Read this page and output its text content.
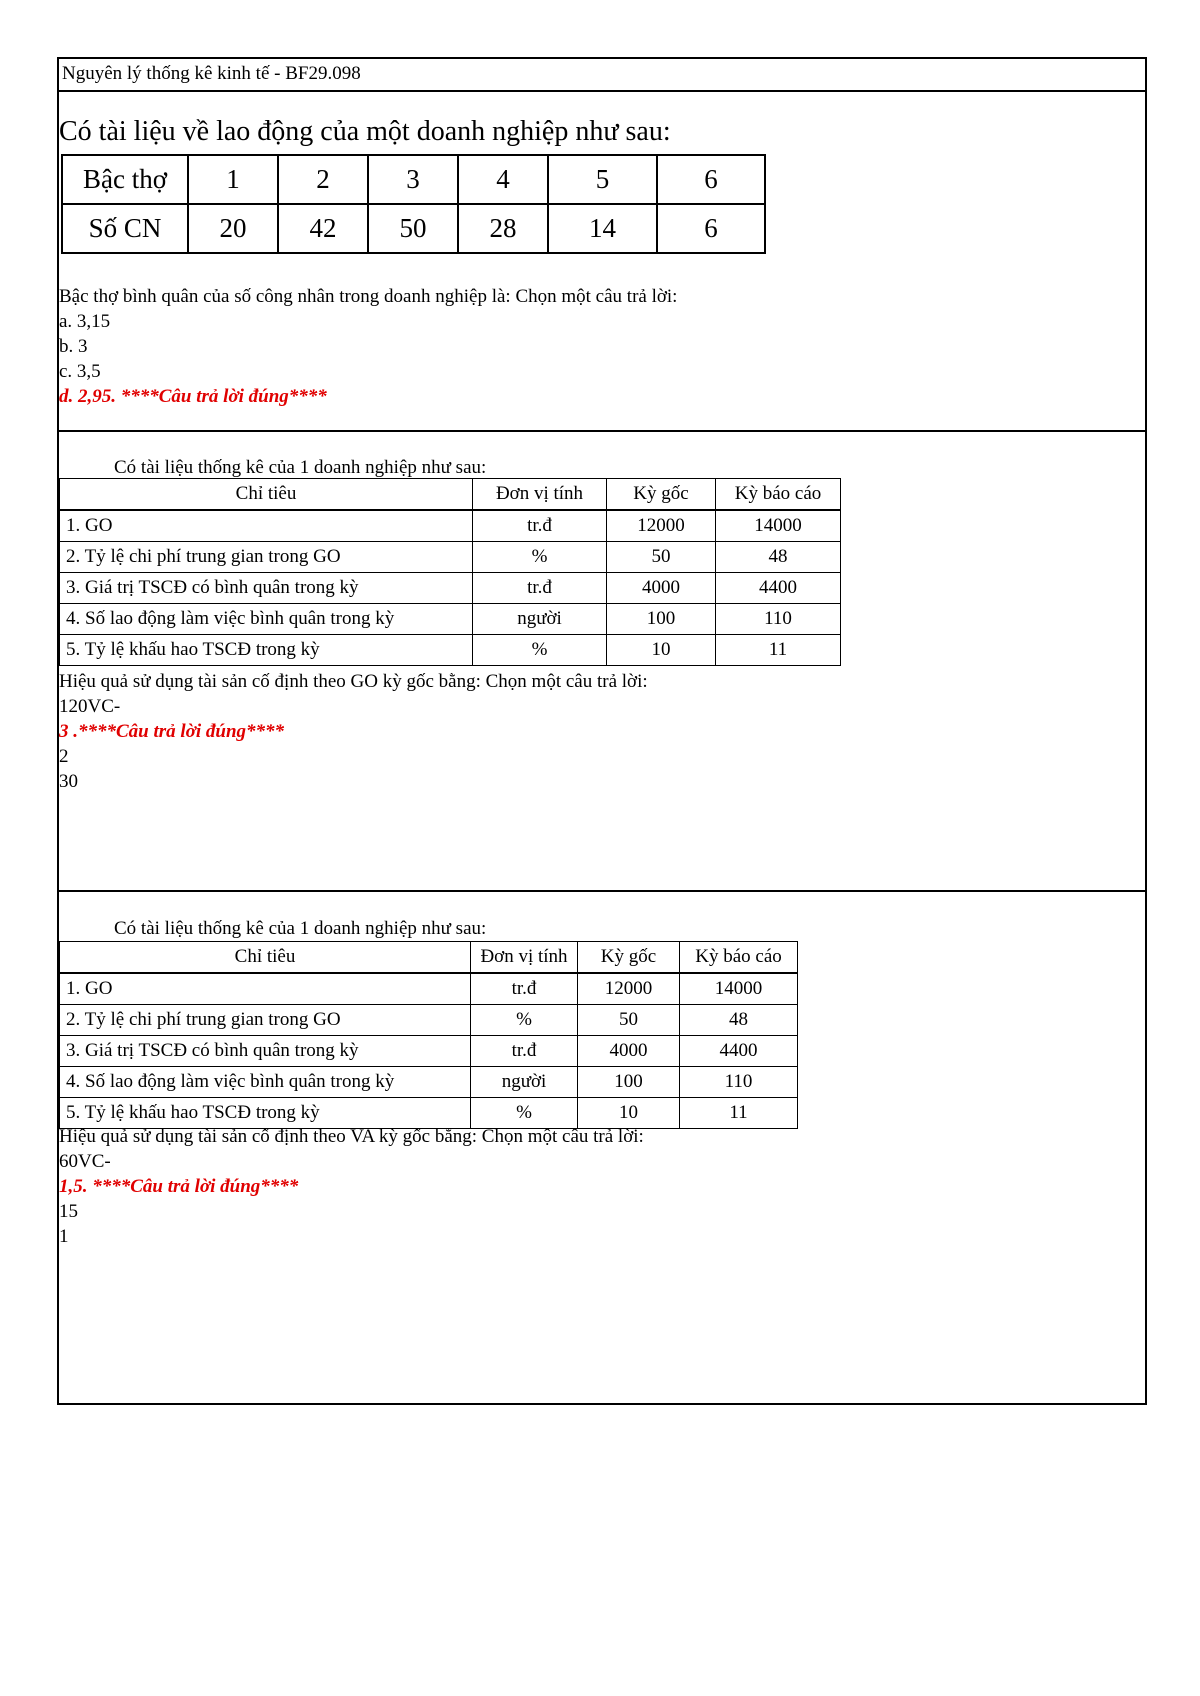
Nguyên lý thống kê kinh tế - BF29.098
Có tài liệu về lao động của một doanh nghiệp như sau:
Bậc thợ	1	2	3	4	5	6
Số CN	20	42	50	28	14	6
Bậc thợ bình quân của số công nhân trong doanh nghiệp là: Chọn một câu trả lời:
a. 3,15
b. 3
c. 3,5
d. 2,95. ****Câu trả lời đúng****
Có tài liệu thống kê của 1 doanh nghiệp như sau:
Chỉ tiêu	Đơn vị tính	Kỳ gốc	Kỳ báo cáo
1. GO	tr.đ	12000	14000
2. Tỷ lệ chi phí trung gian trong GO	%	50	48
3. Giá trị TSCĐ có bình quân trong kỳ	tr.đ	4000	4400
4. Số lao động làm việc bình quân trong kỳ	người	100	110
5. Tỷ lệ khấu hao TSCĐ trong kỳ	%	10	11
Hiệu quả sử dụng tài sản cố định theo GO kỳ gốc bằng: Chọn một câu trả lời:
120VC-
3 .****Câu trả lời đúng****
2
30
Có tài liệu thống kê của 1 doanh nghiệp như sau:
Chỉ tiêu	Đơn vị tính	Kỳ gốc	Kỳ báo cáo
1. GO	tr.đ	12000	14000
2. Tỷ lệ chi phí trung gian trong GO	%	50	48
3. Giá trị TSCĐ có bình quân trong kỳ	tr.đ	4000	4400
4. Số lao động làm việc bình quân trong kỳ	người	100	110
5. Tỷ lệ khấu hao TSCĐ trong kỳ	%	10	11
Hiệu quả sử dụng tài sản cố định theo VA kỳ gốc bằng: Chọn một câu trả lời:
60VC-
1,5. ****Câu trả lời đúng****
15
1
